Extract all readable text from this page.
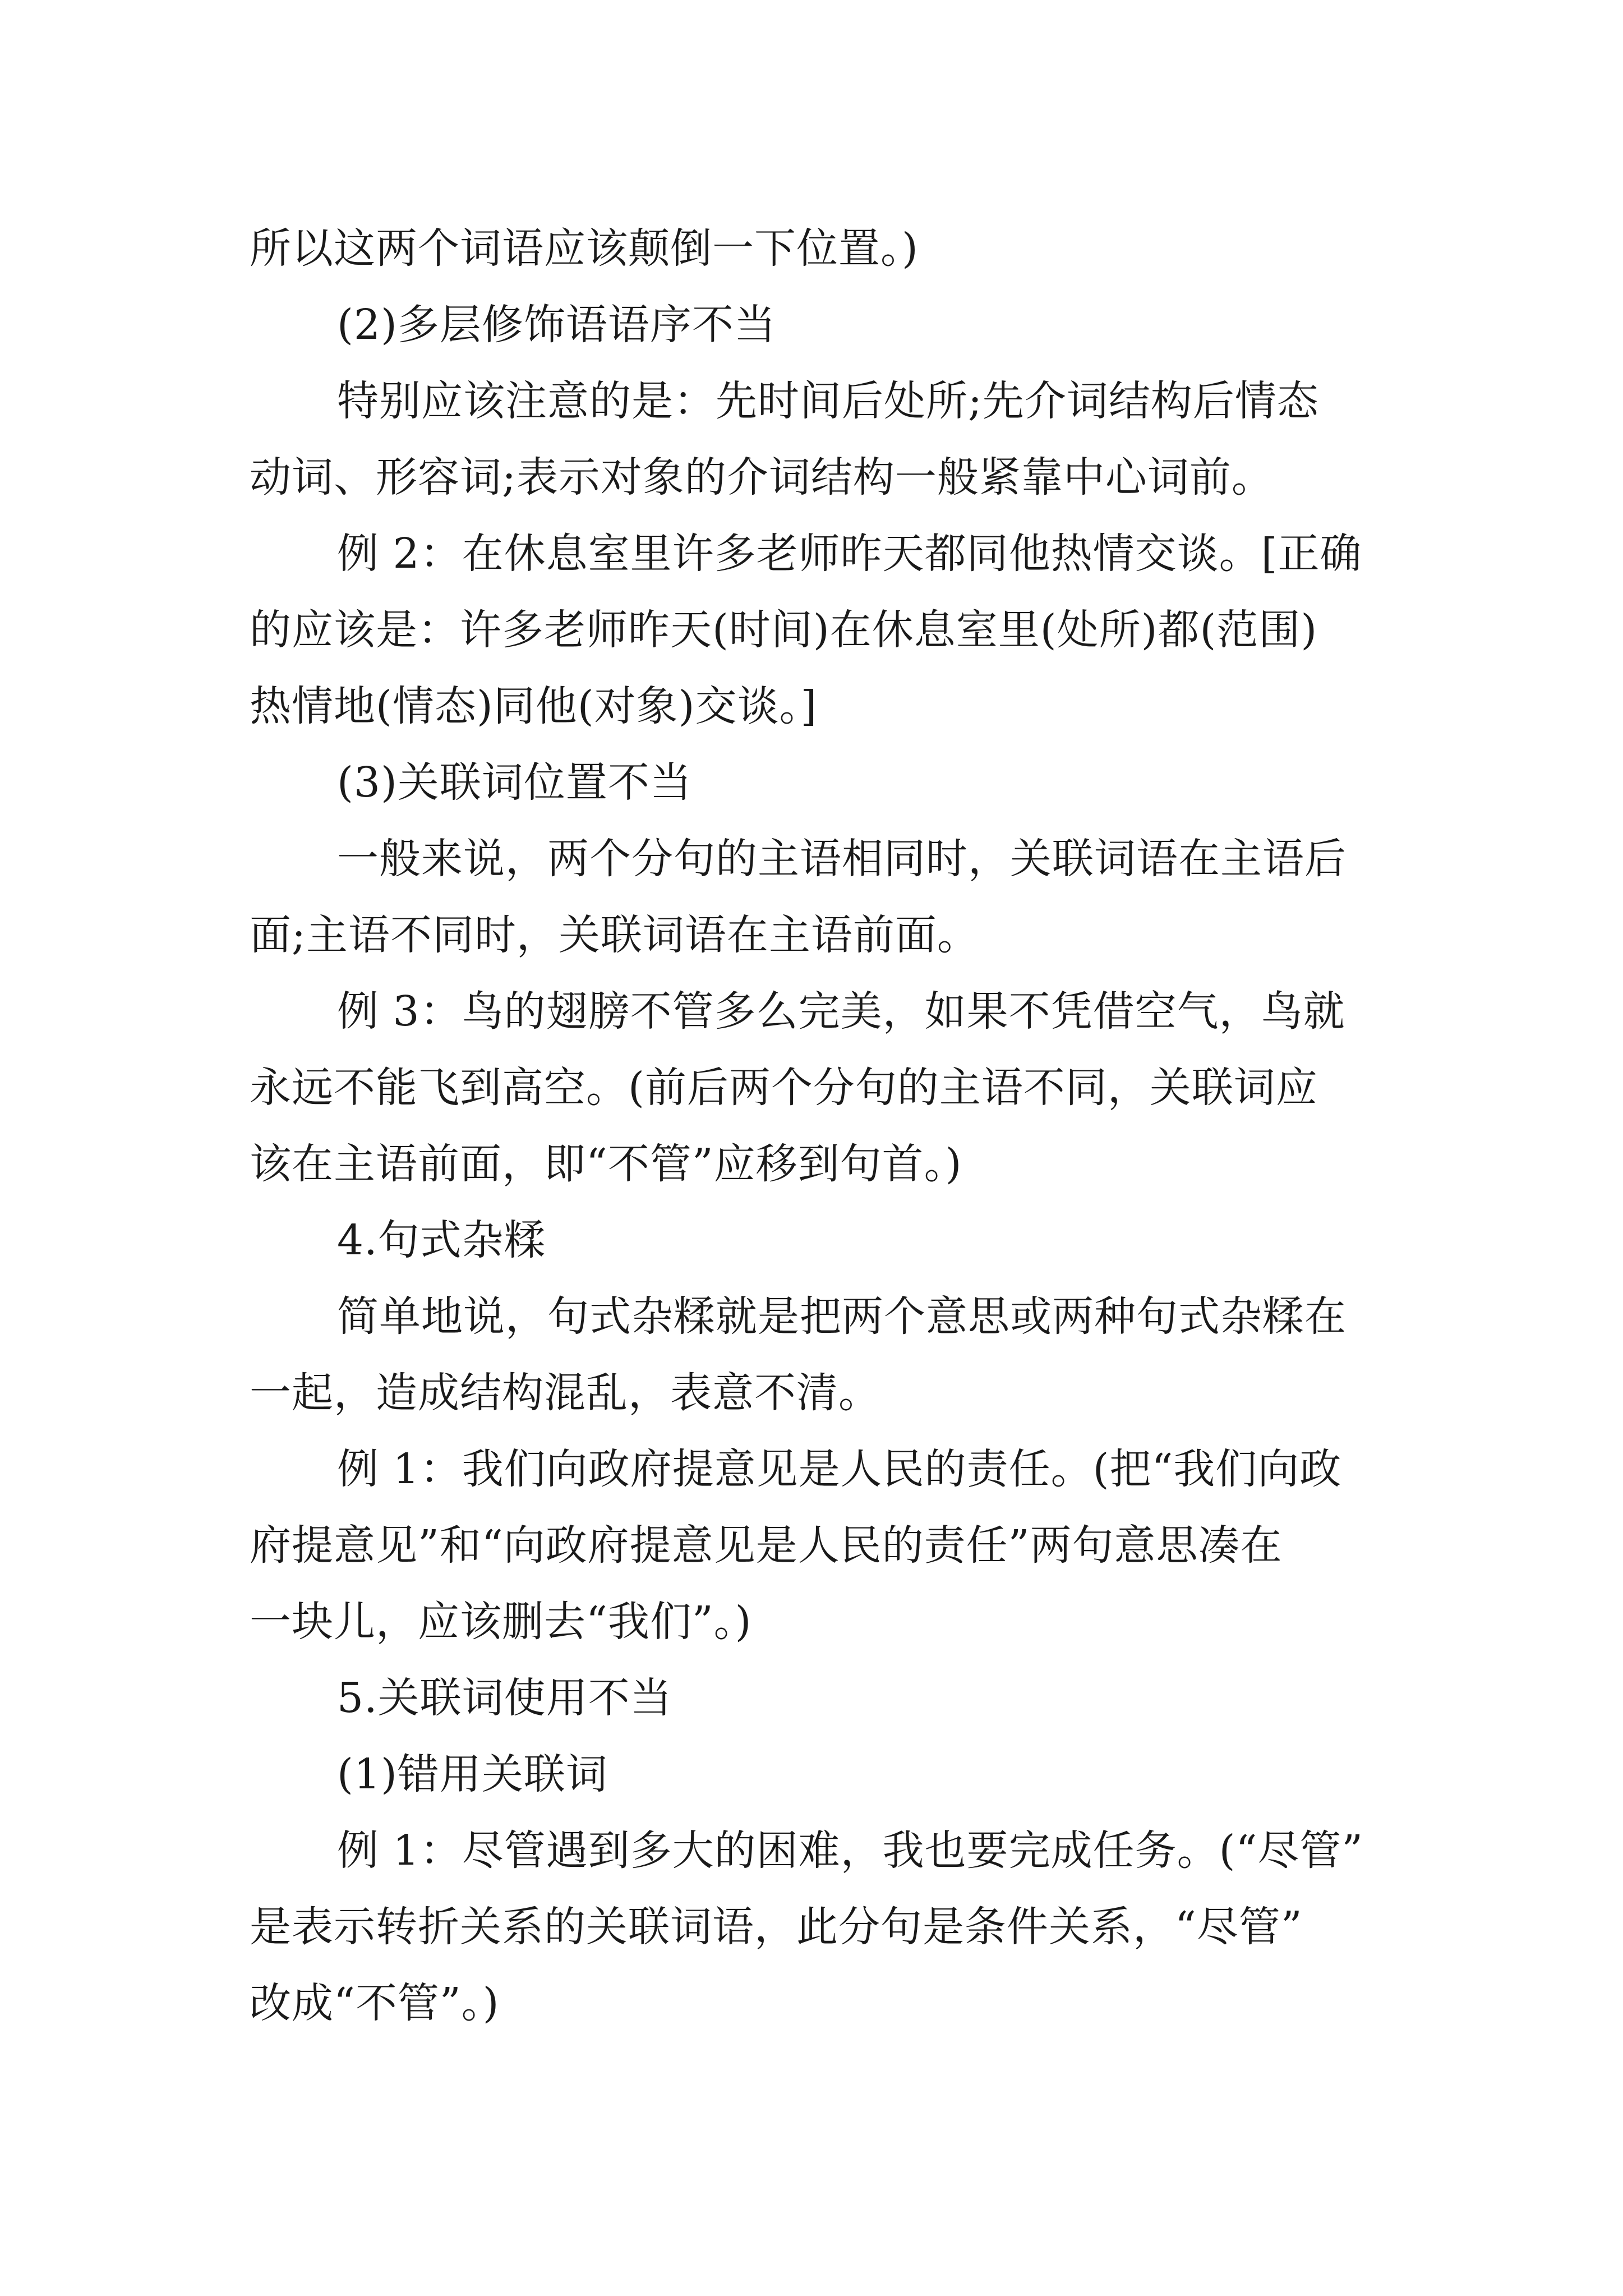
所以这两个词语应该颠倒一下位置。)
(2)多层修饰语语序不当
特别应该注意的是：先时间后处所;先介词结构后情态
动词、形容词;表示对象的介词结构一般紧靠中心词前。
例 2：在休息室里许多老师昨天都同他热情交谈。[正确
的应该是：许多老师昨天(时间)在休息室里(处所)都(范围)
热情地(情态)同他(对象)交谈。]
(3)关联词位置不当
一般来说，两个分句的主语相同时，关联词语在主语后
面;主语不同时，关联词语在主语前面。
例 3：鸟的翅膀不管多么完美，如果不凭借空气，鸟就
永远不能飞到高空。(前后两个分句的主语不同，关联词应
该在主语前面，即“不管”应移到句首。)
4.句式杂糅
简单地说，句式杂糅就是把两个意思或两种句式杂糅在
一起，造成结构混乱，表意不清。
例 1：我们向政府提意见是人民的责任。(把“我们向政
府提意见”和“向政府提意见是人民的责任”两句意思凑在
一块儿，应该删去“我们”。)
5.关联词使用不当
(1)错用关联词
例 1：尽管遇到多大的困难，我也要完成任务。(“尽管”
是表示转折关系的关联词语，此分句是条件关系，“尽管”
改成“不管”。)
